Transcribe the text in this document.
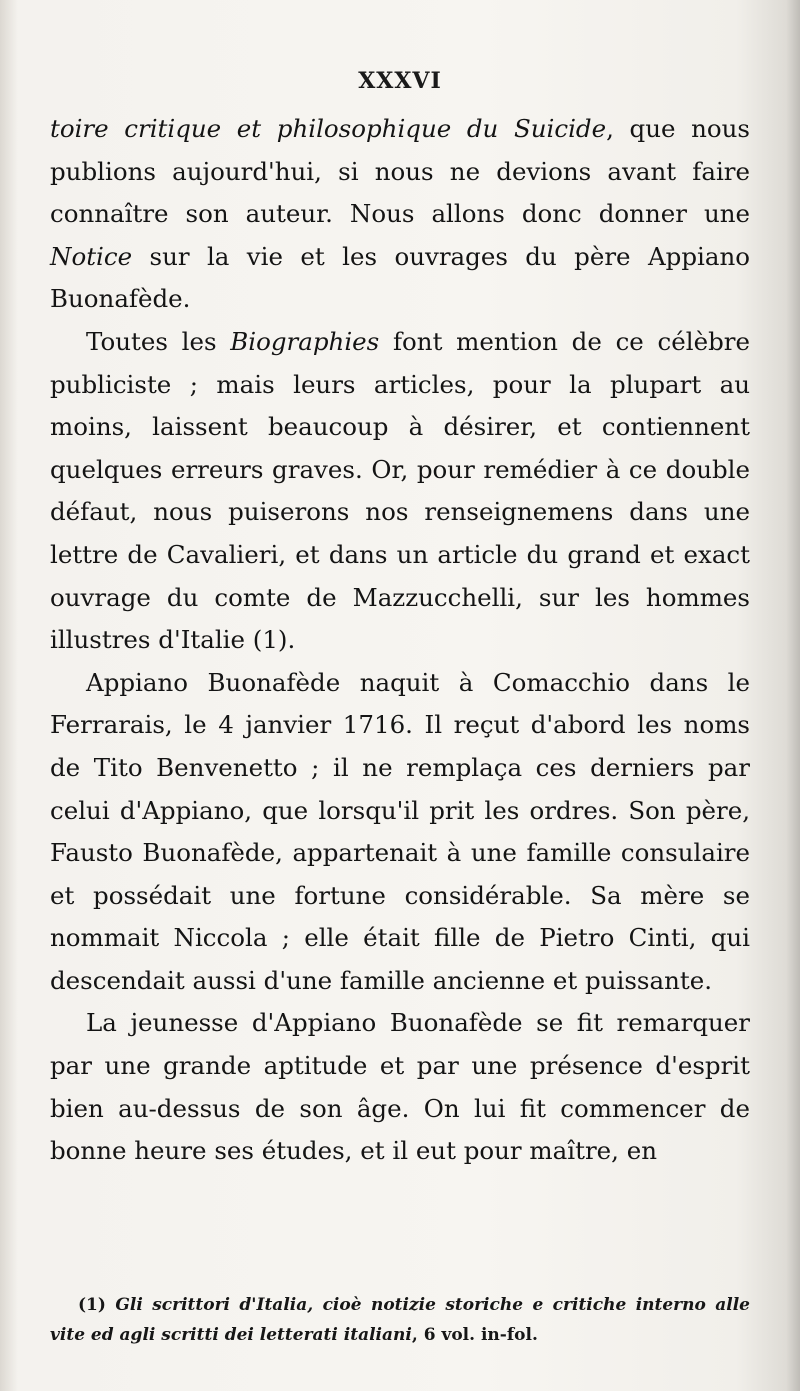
XXXVI

toire critique et philosophique du Suicide, que nous publions aujourd'hui, si nous ne devions avant faire connaître son auteur. Nous allons donc donner une Notice sur la vie et les ouvrages du père Appiano Buonafède.

Toutes les Biographies font mention de ce célèbre publiciste ; mais leurs articles, pour la plupart au moins, laissent beaucoup à désirer, et contiennent quelques erreurs graves. Or, pour remédier à ce double défaut, nous puiserons nos renseignemens dans une lettre de Cavalieri, et dans un article du grand et exact ouvrage du comte de Mazzucchelli, sur les hommes illustres d'Italie (1).

Appiano Buonafède naquit à Comacchio dans le Ferrarais, le 4 janvier 1716. Il reçut d'abord les noms de Tito Benvenetto ; il ne remplaça ces derniers par celui d'Appiano, que lorsqu'il prit les ordres. Son père, Fausto Buonafède, appartenait à une famille consulaire et possédait une fortune considérable. Sa mère se nommait Niccola ; elle était fille de Pietro Cinti, qui descendait aussi d'une famille ancienne et puissante.

La jeunesse d'Appiano Buonafède se fit remarquer par une grande aptitude et par une présence d'esprit bien au-dessus de son âge. On lui fit commencer de bonne heure ses études, et il eut pour maître, en

(1) Gli scrittori d'Italia, cioè notizie storiche e critiche interno alle vite ed agli scritti dei letterati italiani, 6 vol. in-fol.
